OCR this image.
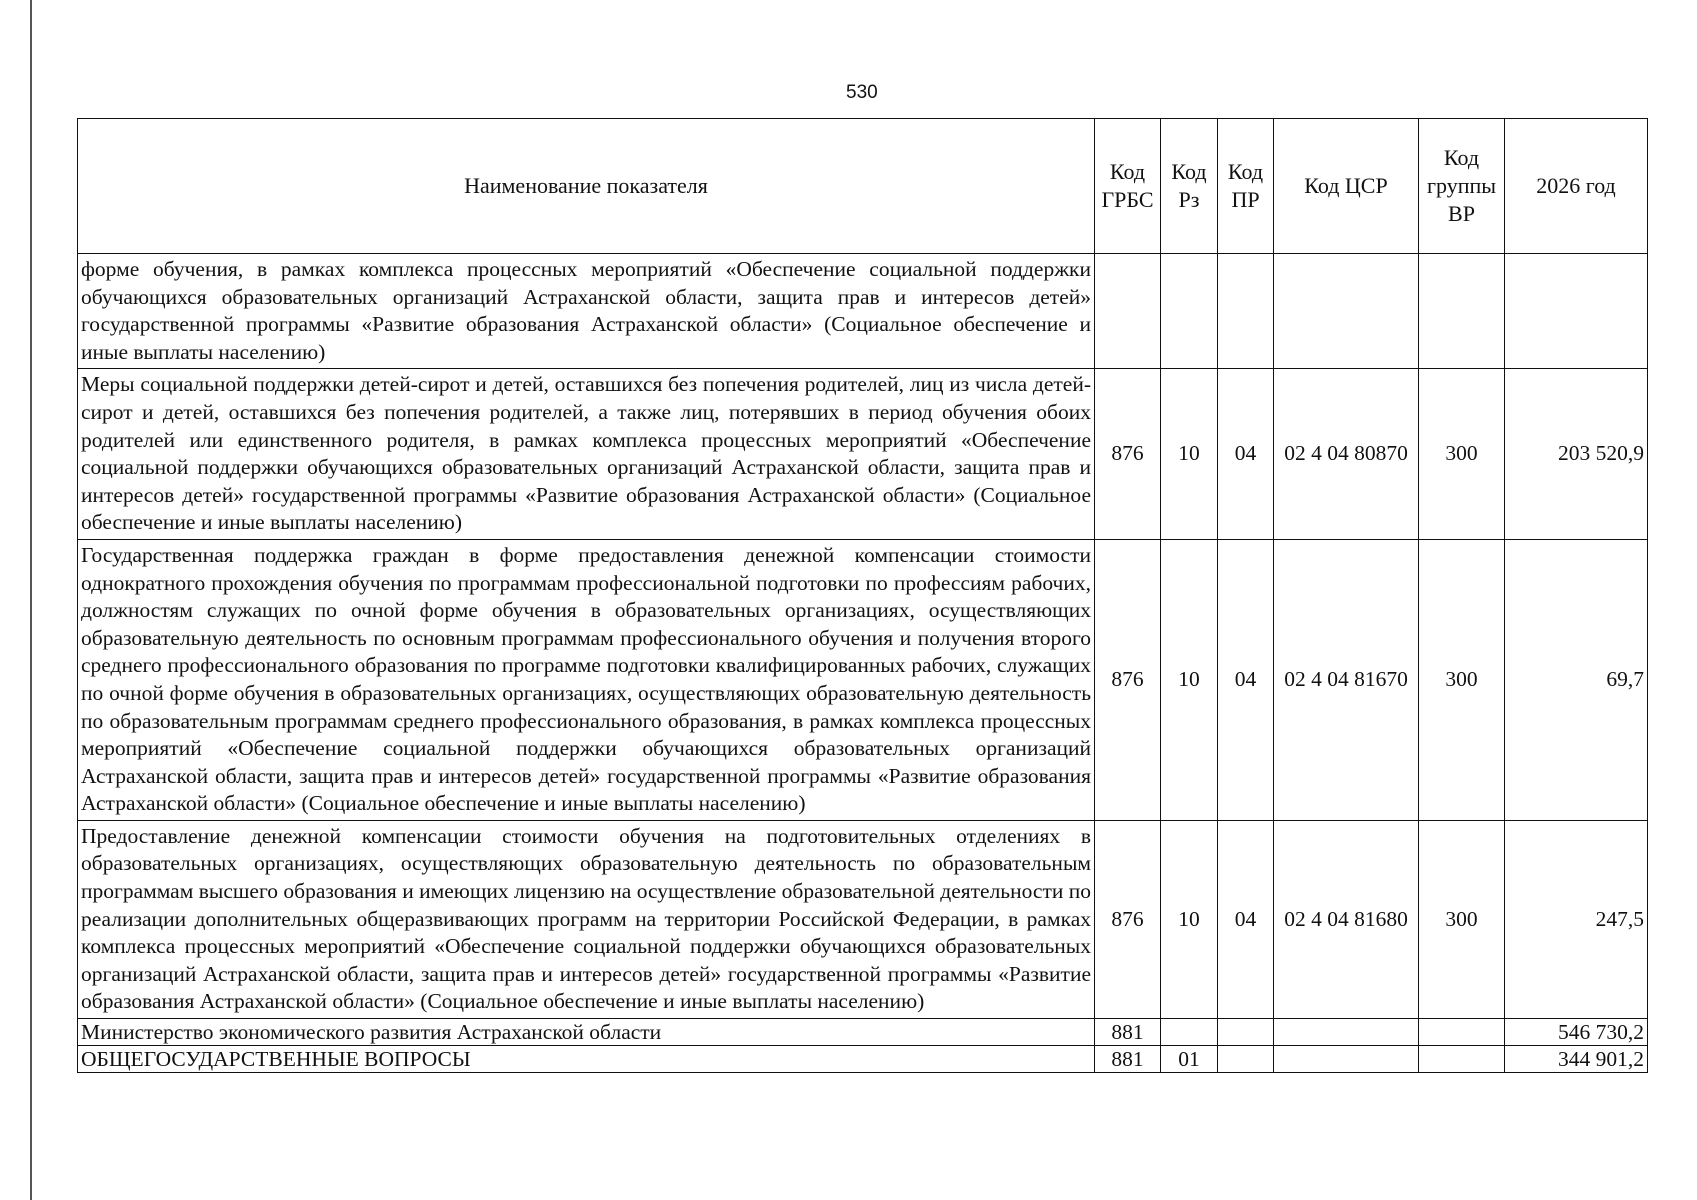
530
Наименование показателя	Код ГРБС	Код Рз	Код ПР	Код ЦСР	Код группы ВР	2026 год
форме обучения, в рамках комплекса процессных мероприятий «Обеспечение социальной поддержки обучающихся образовательных организаций Астраханской области, защита прав и интересов детей» государственной программы «Развитие образования Астраханской области» (Социальное обеспечение и иные выплаты населению)						
Меры социальной поддержки детей-сирот и детей, оставшихся без попечения родителей, лиц из числа детей-сирот и детей, оставшихся без попечения родителей, а также лиц, потерявших в период обучения обоих родителей или единственного родителя, в рамках комплекса процессных мероприятий «Обеспечение социальной поддержки обучающихся образовательных организаций Астраханской области, защита прав и интересов детей» государственной программы «Развитие образования Астраханской области» (Социальное обеспечение и иные выплаты населению)	876	10	04	02 4 04 80870	300	203 520,9
Государственная поддержка граждан в форме предоставления денежной компенсации стоимости однократного прохождения обучения по программам профессиональной подготовки по профессиям рабочих, должностям служащих по очной форме обучения в образовательных организациях, осуществляющих образовательную деятельность по основным программам профессионального обучения и получения второго среднего профессионального образования по программе подготовки квалифицированных рабочих, служащих по очной форме обучения в образовательных организациях, осуществляющих образовательную деятельность по образовательным программам среднего профессионального образования, в рамках комплекса процессных мероприятий «Обеспечение социальной поддержки обучающихся образовательных организаций Астраханской области, защита прав и интересов детей» государственной программы «Развитие образования Астраханской области» (Социальное обеспечение и иные выплаты населению)	876	10	04	02 4 04 81670	300	69,7
Предоставление денежной компенсации стоимости обучения на подготовительных отделениях в образовательных организациях, осуществляющих образовательную деятельность по образовательным программам высшего образования и имеющих лицензию на осуществление образовательной деятельности по реализации дополнительных общеразвивающих программ на территории Российской Федерации, в рамках комплекса процессных мероприятий «Обеспечение социальной поддержки обучающихся образовательных организаций Астраханской области, защита прав и интересов детей» государственной программы «Развитие образования Астраханской области» (Социальное обеспечение и иные выплаты населению)	876	10	04	02 4 04 81680	300	247,5
Министерство экономического развития Астраханской области	881					546 730,2
ОБЩЕГОСУДАРСТВЕННЫЕ ВОПРОСЫ	881	01				344 901,2
